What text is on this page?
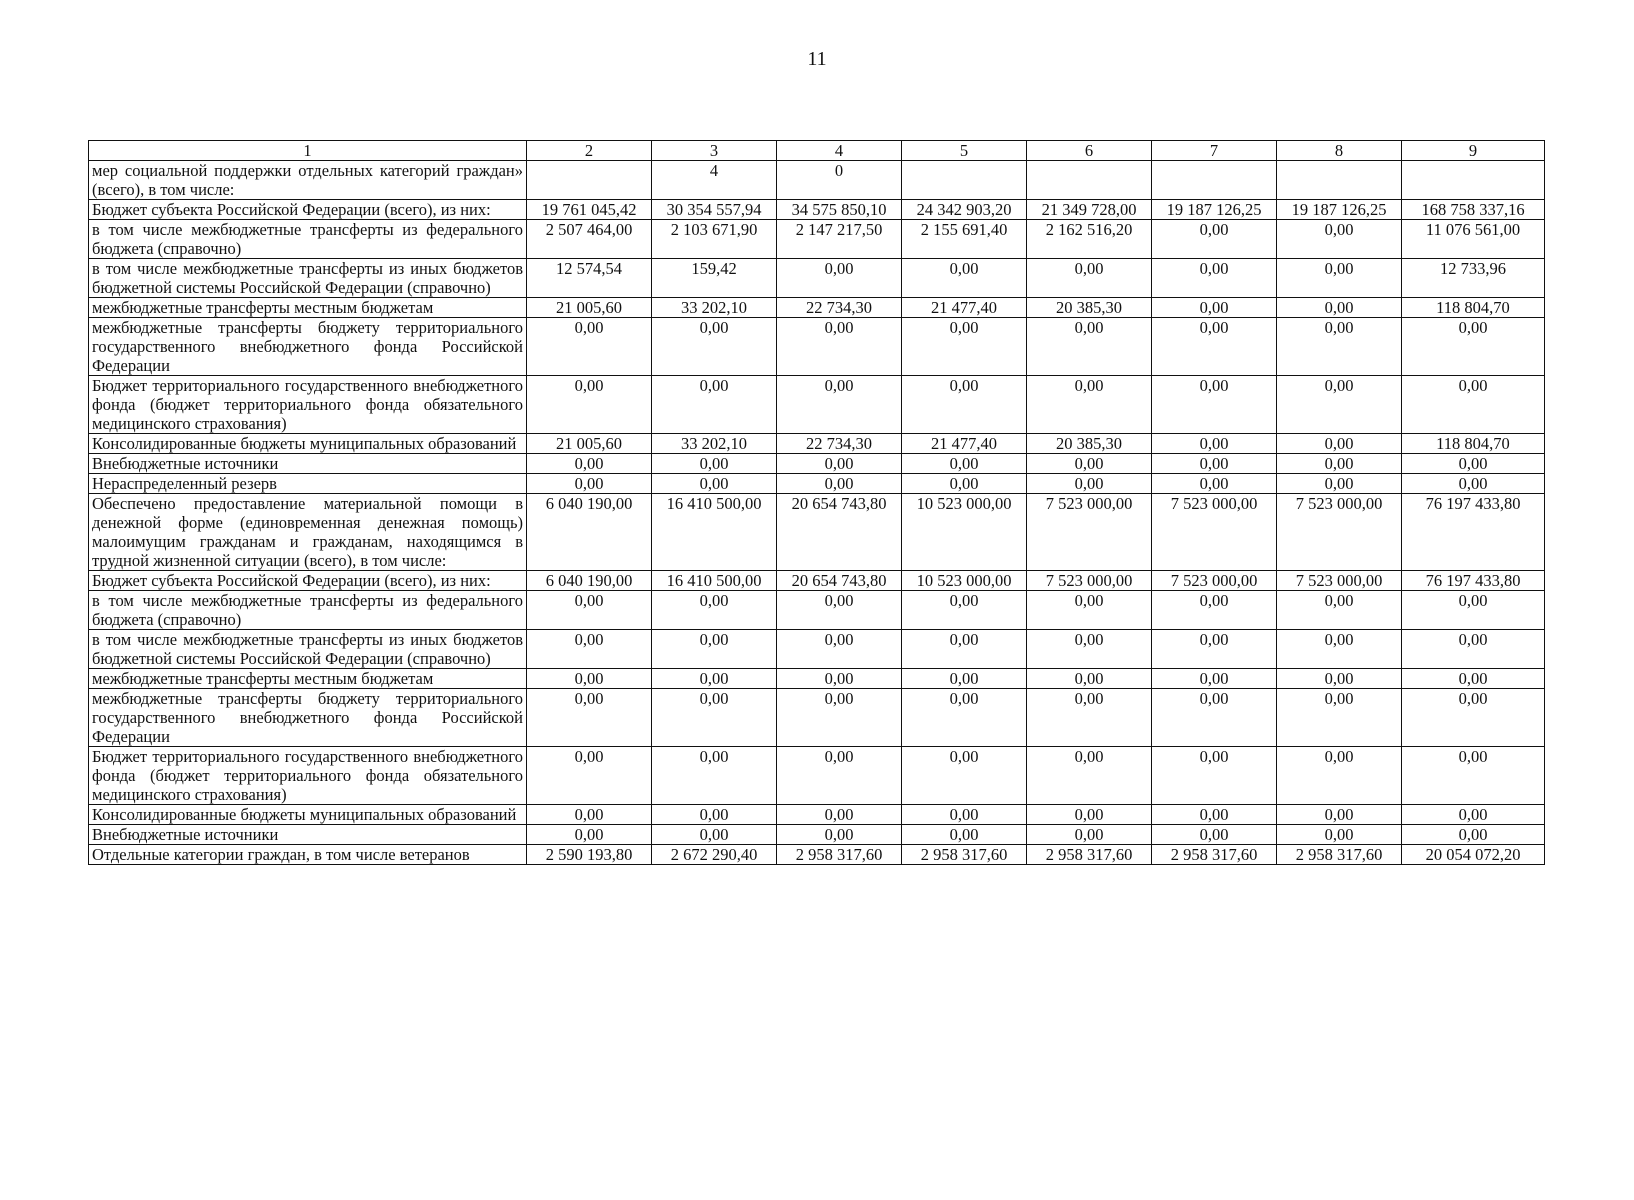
11
1	2	3	4	5	6	7	8	9
мер социальной поддержки отдельных категорий граждан» (всего), в том числе:		4	0					
Бюджет субъекта Российской Федерации (всего), из них:	19 761 045,42	30 354 557,94	34 575 850,10	24 342 903,20	21 349 728,00	19 187 126,25	19 187 126,25	168 758 337,16
в том числе межбюджетные трансферты из федерального бюджета (справочно)	2 507 464,00	2 103 671,90	2 147 217,50	2 155 691,40	2 162 516,20	0,00	0,00	11 076 561,00
в том числе межбюджетные трансферты из иных бюджетов бюджетной системы Российской Федерации (справочно)	12 574,54	159,42	0,00	0,00	0,00	0,00	0,00	12 733,96
межбюджетные трансферты местным бюджетам	21 005,60	33 202,10	22 734,30	21 477,40	20 385,30	0,00	0,00	118 804,70
межбюджетные трансферты бюджету территориального государственного внебюджетного фонда Российской Федерации	0,00	0,00	0,00	0,00	0,00	0,00	0,00	0,00
Бюджет территориального государственного внебюджетного фонда (бюджет территориального фонда обязательного медицинского страхования)	0,00	0,00	0,00	0,00	0,00	0,00	0,00	0,00
Консолидированные бюджеты муниципальных образований	21 005,60	33 202,10	22 734,30	21 477,40	20 385,30	0,00	0,00	118 804,70
Внебюджетные источники	0,00	0,00	0,00	0,00	0,00	0,00	0,00	0,00
Нераспределенный резерв	0,00	0,00	0,00	0,00	0,00	0,00	0,00	0,00
Обеспечено предоставление материальной помощи в денежной форме (единовременная денежная помощь) малоимущим гражданам и гражданам, находящимся в трудной жизненной ситуации (всего), в том числе:	6 040 190,00	16 410 500,00	20 654 743,80	10 523 000,00	7 523 000,00	7 523 000,00	7 523 000,00	76 197 433,80
Бюджет субъекта Российской Федерации (всего), из них:	6 040 190,00	16 410 500,00	20 654 743,80	10 523 000,00	7 523 000,00	7 523 000,00	7 523 000,00	76 197 433,80
в том числе межбюджетные трансферты из федерального бюджета (справочно)	0,00	0,00	0,00	0,00	0,00	0,00	0,00	0,00
в том числе межбюджетные трансферты из иных бюджетов бюджетной системы Российской Федерации (справочно)	0,00	0,00	0,00	0,00	0,00	0,00	0,00	0,00
межбюджетные трансферты местным бюджетам	0,00	0,00	0,00	0,00	0,00	0,00	0,00	0,00
межбюджетные трансферты бюджету территориального государственного внебюджетного фонда Российской Федерации	0,00	0,00	0,00	0,00	0,00	0,00	0,00	0,00
Бюджет территориального государственного внебюджетного фонда (бюджет территориального фонда обязательного медицинского страхования)	0,00	0,00	0,00	0,00	0,00	0,00	0,00	0,00
Консолидированные бюджеты муниципальных образований	0,00	0,00	0,00	0,00	0,00	0,00	0,00	0,00
Внебюджетные источники	0,00	0,00	0,00	0,00	0,00	0,00	0,00	0,00
Отдельные категории граждан, в том числе ветеранов	2 590 193,80	2 672 290,40	2 958 317,60	2 958 317,60	2 958 317,60	2 958 317,60	2 958 317,60	20 054 072,20
